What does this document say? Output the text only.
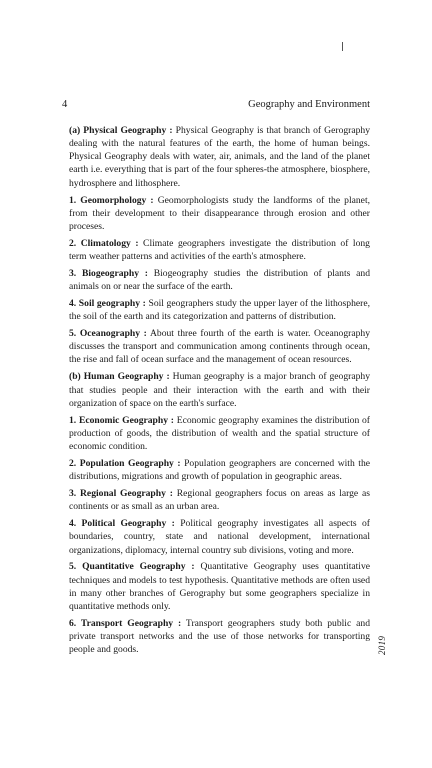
4	Geography and Environment

(a) Physical Geography : Physical Geography is that branch of Gerography dealing with the natural features of the earth, the home of human beings. Physical Geography deals with water, air, animals, and the land of the planet earth i.e. everything that is part of the four spheres-the atmosphere, biosphere, hydrosphere and lithosphere.

1. Geomorphology : Geomorphologists study the landforms of the planet, from their development to their disappearance through erosion and other proceses.

2. Climatology : Climate geographers investigate the distribution of long term weather patterns and activities of the earth's atmosphere.

3. Biogeography : Biogeography studies the distribution of plants and animals on or near the surface of the earth.

4. Soil geography : Soil geographers study the upper layer of the lithosphere, the soil of the earth and its categorization and patterns of distribution.

5. Oceanography : About three fourth of the earth is water. Oceanography discusses the transport and communication among continents through ocean, the rise and fall of ocean surface and the management of ocean resources.

(b) Human Geography : Human geography is a major branch of geography that studies people and their interaction with the earth and with their organization of space on the earth's surface.

1. Economic Geography : Economic geography examines the distribution of production of goods, the distribution of wealth and the spatial structure of economic condition.

2. Population Geography : Population geographers are concerned with the distributions, migrations and growth of population in geographic areas.

3. Regional Geography : Regional geographers focus on areas as large as continents or as small as an urban area.

4. Political Geography : Political geography investigates all aspects of boundaries, country, state and national development, international organizations, diplomacy, internal country sub divisions, voting and more.

5. Quantitative Geography : Quantitative Geography uses quantitative techniques and models to test hypothesis. Quantitative methods are often used in many other branches of Gerography but some geographers specialize in quantitative methods only.

6. Transport Geography : Transport geographers study both public and private transport networks and the use of those networks for transporting people and goods.	2019
